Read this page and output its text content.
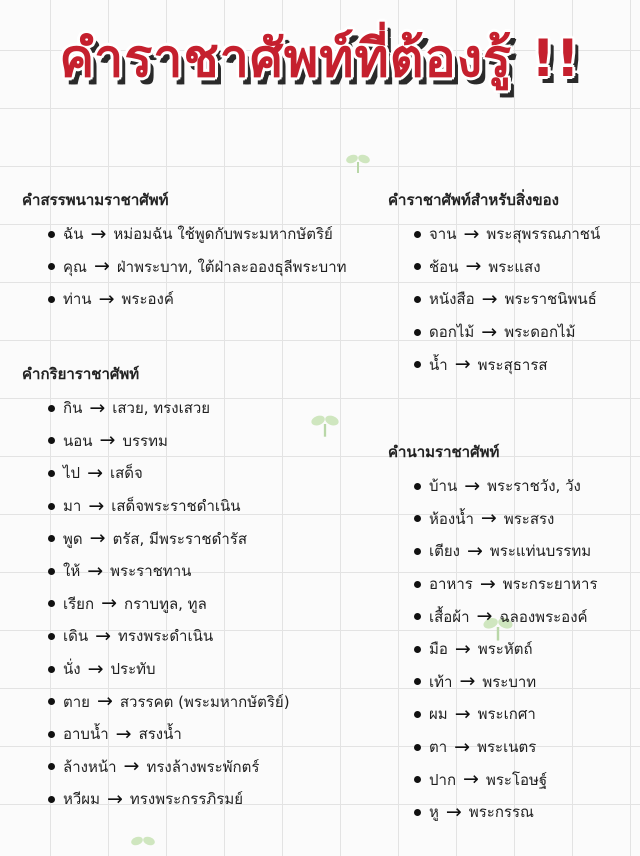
คำราชาศัพท์ที่ต้องรู้ !!
คำสรรพนามราชาศัพท์
ฉัน → หม่อมฉัน ใช้พูดกับพระมหากษัตริย์
คุณ → ฝ่าพระบาท, ใต้ฝ่าละอองธุลีพระบาท
ท่าน → พระองค์
คำกริยาราชาศัพท์
กิน → เสวย, ทรงเสวย
นอน → บรรทม
ไป → เสด็จ
มา → เสด็จพระราชดำเนิน
พูด → ตรัส, มีพระราชดำรัส
ให้ → พระราชทาน
เรียก → กราบทูล, ทูล
เดิน → ทรงพระดำเนิน
นั่ง → ประทับ
ตาย → สวรรคต (พระมหากษัตริย์)
อาบน้ำ → สรงน้ำ
ล้างหน้า → ทรงล้างพระพักตร์
หวีผม → ทรงพระกรรภิรมย์
คำราชาศัพท์สำหรับสิ่งของ
จาน → พระสุพรรณภาชน์
ช้อน → พระแสง
หนังสือ → พระราชนิพนธ์
ดอกไม้ → พระดอกไม้
น้ำ → พระสุธารส
คำนามราชาศัพท์
บ้าน → พระราชวัง, วัง
ห้องน้ำ → พระสรง
เตียง → พระแท่นบรรทม
อาหาร → พระกระยาหาร
เสื้อผ้า → ฉลองพระองค์
มือ → พระหัตถ์
เท้า → พระบาท
ผม → พระเกศา
ตา → พระเนตร
ปาก → พระโอษฐ์
หู → พระกรรณ
